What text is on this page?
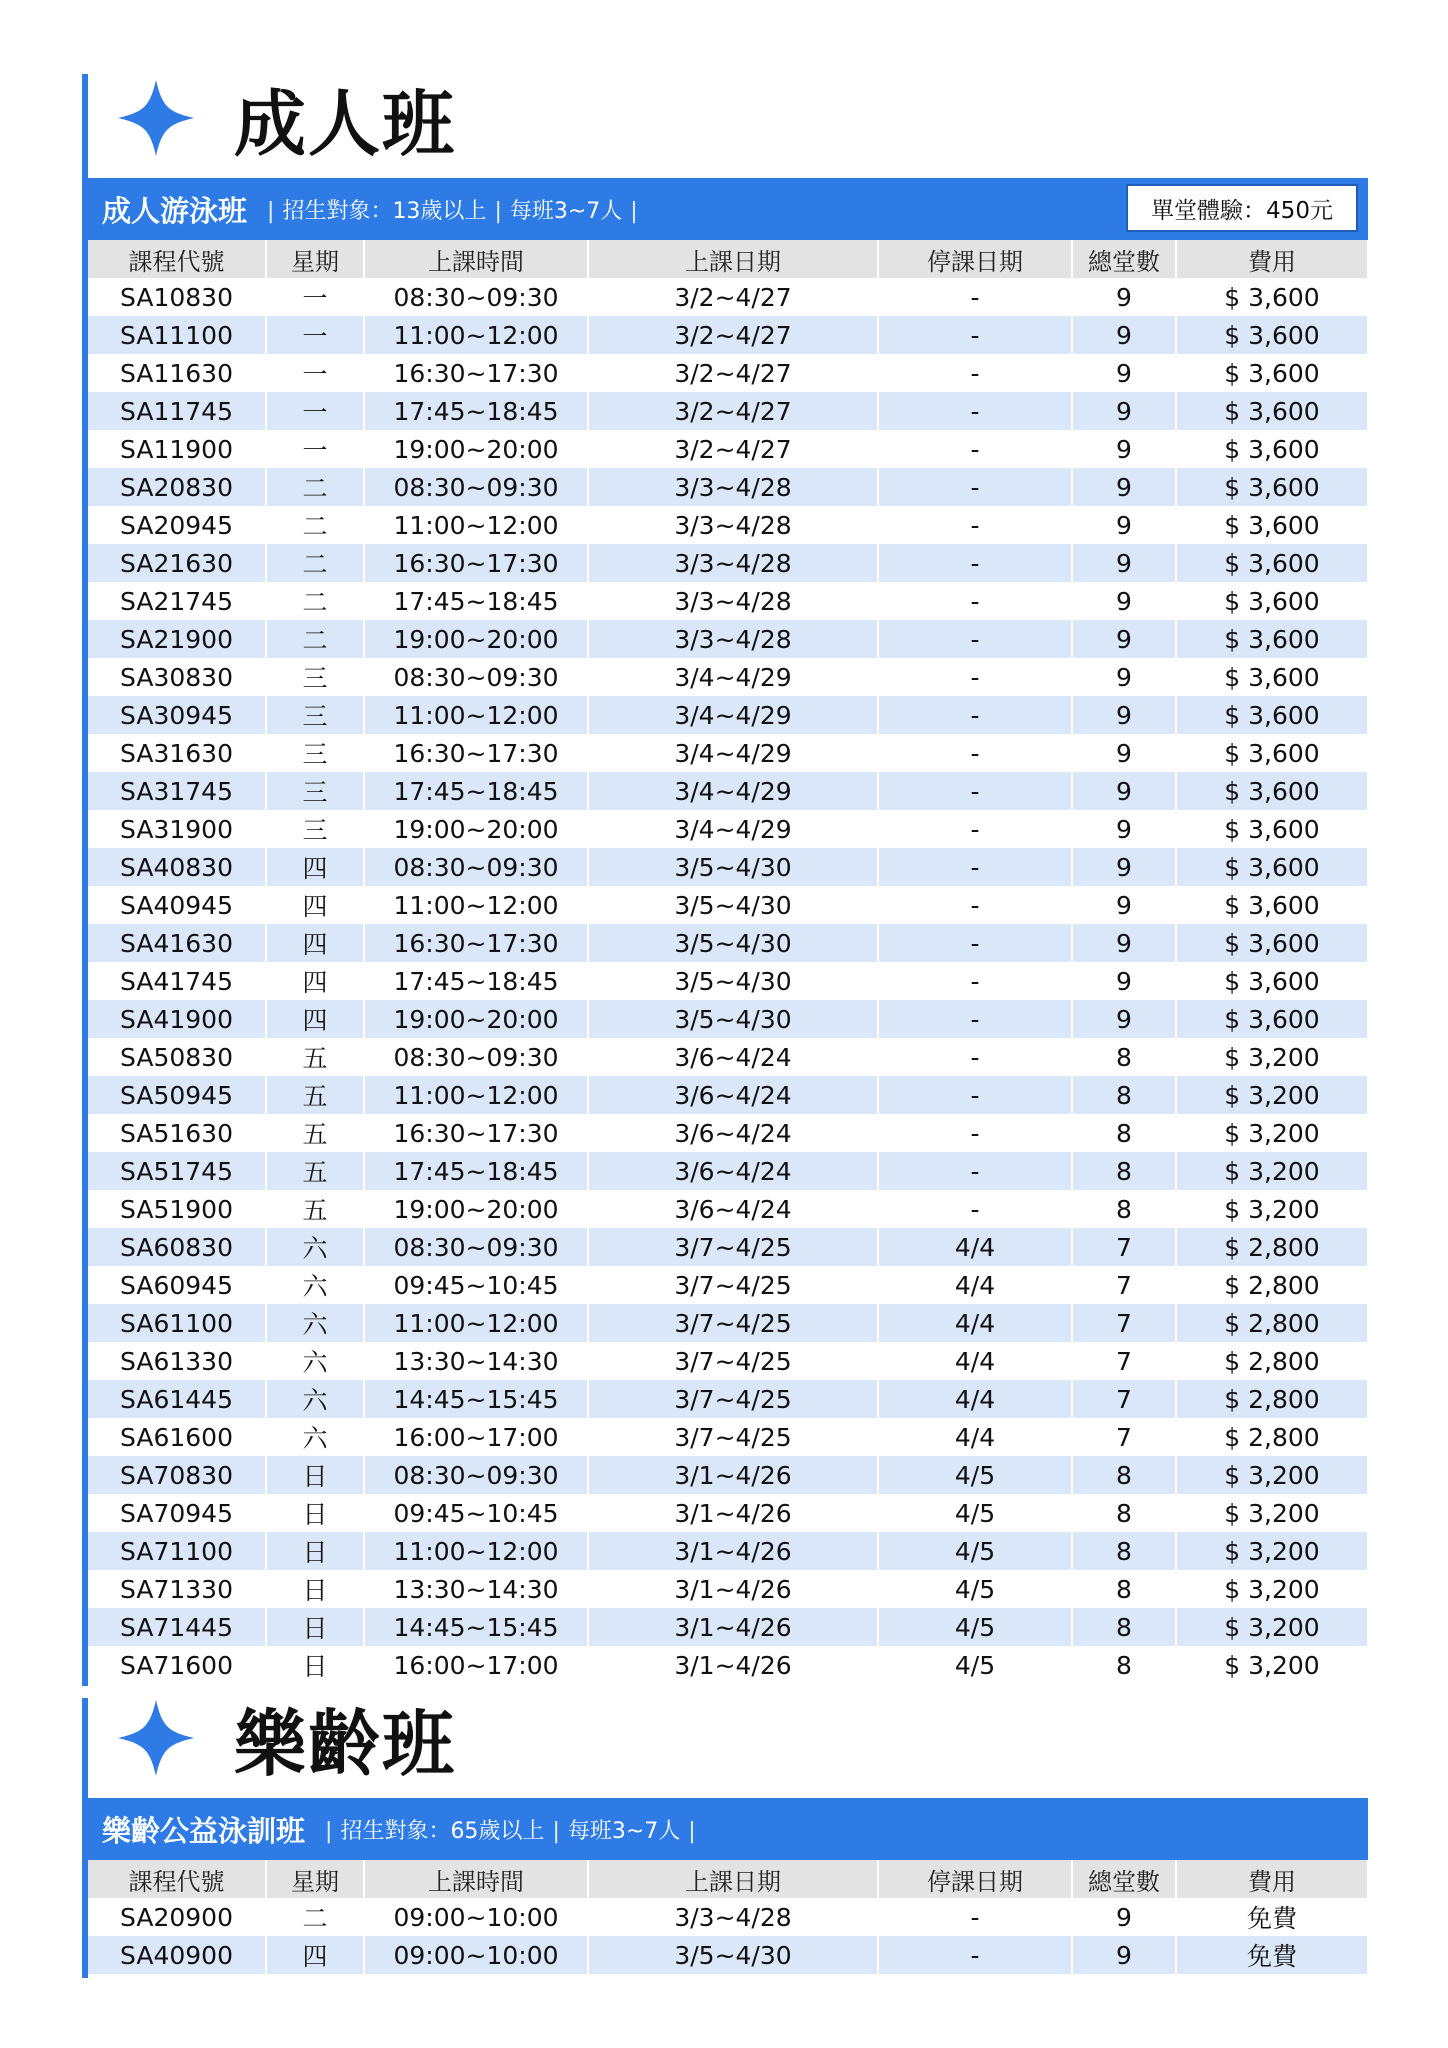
成人班
成人游泳班 | 招生對象：13歲以上 | 每班3~7人 |	單堂體驗：450元
課程代號	星期	上課時間	上課日期	停課日期	總堂數	費用
SA10830	一	08:30~09:30	3/2~4/27	-	9	$ 3,600
SA11100	一	11:00~12:00	3/2~4/27	-	9	$ 3,600
SA11630	一	16:30~17:30	3/2~4/27	-	9	$ 3,600
SA11745	一	17:45~18:45	3/2~4/27	-	9	$ 3,600
SA11900	一	19:00~20:00	3/2~4/27	-	9	$ 3,600
SA20830	二	08:30~09:30	3/3~4/28	-	9	$ 3,600
SA20945	二	11:00~12:00	3/3~4/28	-	9	$ 3,600
SA21630	二	16:30~17:30	3/3~4/28	-	9	$ 3,600
SA21745	二	17:45~18:45	3/3~4/28	-	9	$ 3,600
SA21900	二	19:00~20:00	3/3~4/28	-	9	$ 3,600
SA30830	三	08:30~09:30	3/4~4/29	-	9	$ 3,600
SA30945	三	11:00~12:00	3/4~4/29	-	9	$ 3,600
SA31630	三	16:30~17:30	3/4~4/29	-	9	$ 3,600
SA31745	三	17:45~18:45	3/4~4/29	-	9	$ 3,600
SA31900	三	19:00~20:00	3/4~4/29	-	9	$ 3,600
SA40830	四	08:30~09:30	3/5~4/30	-	9	$ 3,600
SA40945	四	11:00~12:00	3/5~4/30	-	9	$ 3,600
SA41630	四	16:30~17:30	3/5~4/30	-	9	$ 3,600
SA41745	四	17:45~18:45	3/5~4/30	-	9	$ 3,600
SA41900	四	19:00~20:00	3/5~4/30	-	9	$ 3,600
SA50830	五	08:30~09:30	3/6~4/24	-	8	$ 3,200
SA50945	五	11:00~12:00	3/6~4/24	-	8	$ 3,200
SA51630	五	16:30~17:30	3/6~4/24	-	8	$ 3,200
SA51745	五	17:45~18:45	3/6~4/24	-	8	$ 3,200
SA51900	五	19:00~20:00	3/6~4/24	-	8	$ 3,200
SA60830	六	08:30~09:30	3/7~4/25	4/4	7	$ 2,800
SA60945	六	09:45~10:45	3/7~4/25	4/4	7	$ 2,800
SA61100	六	11:00~12:00	3/7~4/25	4/4	7	$ 2,800
SA61330	六	13:30~14:30	3/7~4/25	4/4	7	$ 2,800
SA61445	六	14:45~15:45	3/7~4/25	4/4	7	$ 2,800
SA61600	六	16:00~17:00	3/7~4/25	4/4	7	$ 2,800
SA70830	日	08:30~09:30	3/1~4/26	4/5	8	$ 3,200
SA70945	日	09:45~10:45	3/1~4/26	4/5	8	$ 3,200
SA71100	日	11:00~12:00	3/1~4/26	4/5	8	$ 3,200
SA71330	日	13:30~14:30	3/1~4/26	4/5	8	$ 3,200
SA71445	日	14:45~15:45	3/1~4/26	4/5	8	$ 3,200
SA71600	日	16:00~17:00	3/1~4/26	4/5	8	$ 3,200
樂齡班
樂齡公益泳訓班 | 招生對象：65歲以上 | 每班3~7人 |
課程代號	星期	上課時間	上課日期	停課日期	總堂數	費用
SA20900	二	09:00~10:00	3/3~4/28	-	9	免費
SA40900	四	09:00~10:00	3/5~4/30	-	9	免費
